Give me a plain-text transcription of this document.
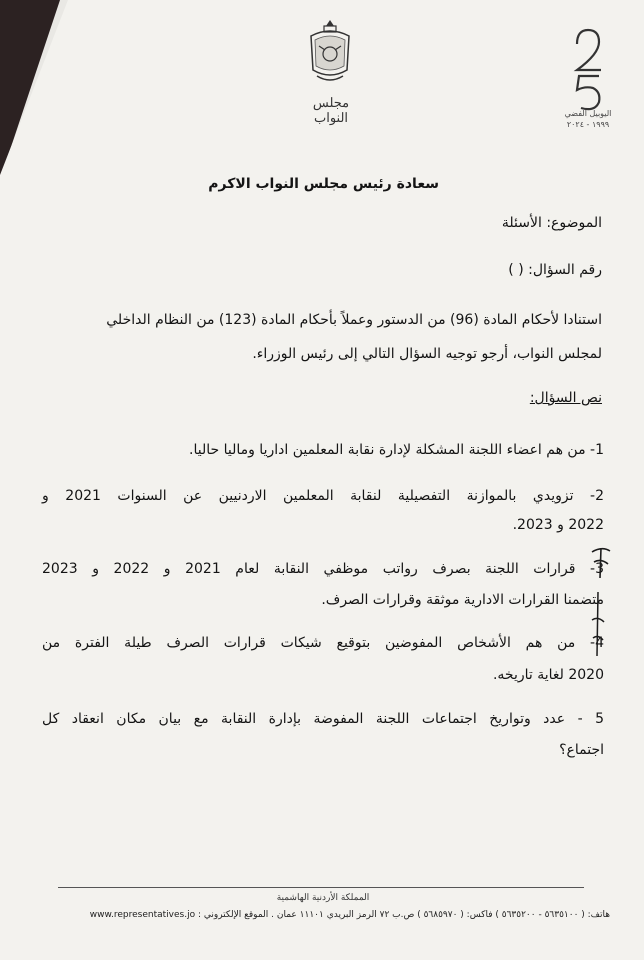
مجلس النواب	اليوبيل الفضي
١٩٩٩ - ٢٠٢٤
سعادة رئيس مجلس النواب الاكرم
الموضوع: الأسئلة
رقم السؤال: ( )
استنادا لأحكام المادة (96) من الدستور وعملاً بأحكام المادة (123) من النظام الداخلي
لمجلس النواب، أرجو توجيه السؤال التالي إلى رئيس الوزراء.
نص السؤال:
1- من هم اعضاء اللجنة المشكلة لإدارة نقابة المعلمين اداريا وماليا حاليا.
2- تزويدي بالموازنة التفصيلية لنقابة المعلمين الاردنيين عن السنوات 2021 و
2022 و 2023.
3- قرارات اللجنة بصرف رواتب موظفي النقابة لعام 2021 و 2022 و 2023
متضمنا القرارات الادارية موثقة وقرارات الصرف.
4- من هم الأشخاص المفوضين بتوقيع شيكات قرارات الصرف طيلة الفترة من
2020 لغاية تاريخه.
5 - عدد وتواريخ اجتماعات اللجنة المفوضة بإدارة النقابة مع بيان مكان انعقاد كل
اجتماع؟
المملكة الأردنية الهاشمية
هاتف: ( ٥٦٣٥١٠٠ - ٥٦٣٥٢٠٠ ) فاكس: ( ٥٦٨٥٩٧٠ ) ص.ب ٧٢ الرمز البريدي ١١١٠١ عمان . الموقع الإلكتروني : www.representatives.jo
